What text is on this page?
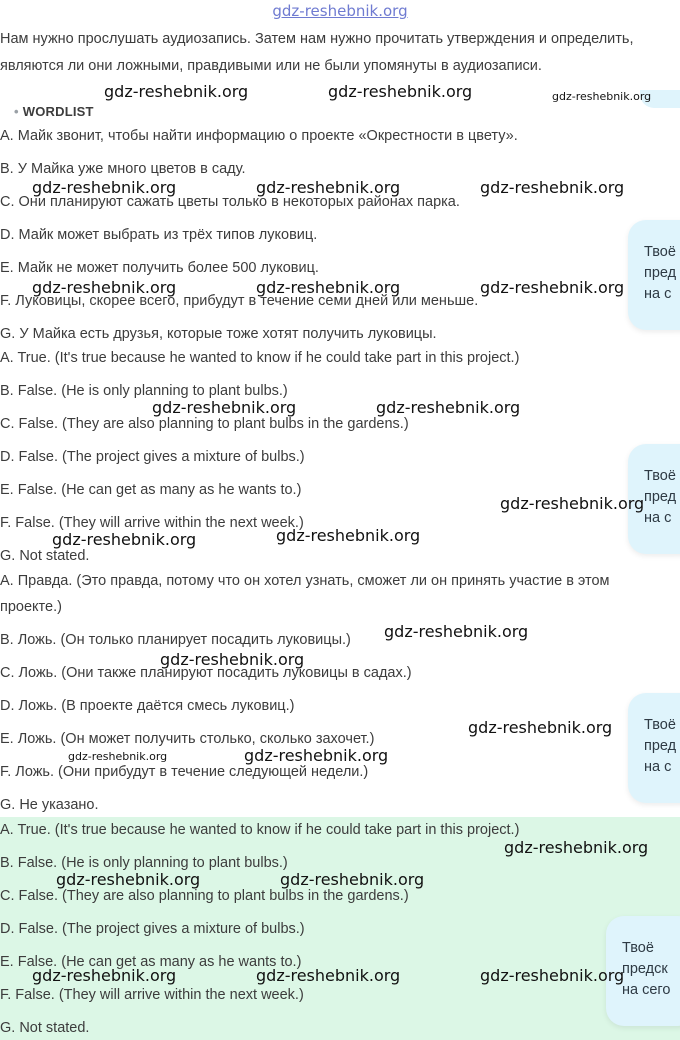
gdz-reshebnik.org
Нам нужно прослушать аудиозапись. Затем нам нужно прочитать утверждения и определить, являются ли они ложными, правдивыми или не были упомянуты в аудиозаписи.
• WORDLIST
A. Майк звонит, чтобы найти информацию о проекте «Окрестности в цвету».
B. У Майка уже много цветов в саду.
C. Они планируют сажать цветы только в некоторых районах парка.
D. Майк может выбрать из трёх типов луковиц.
E. Майк не может получить более 500 луковиц.
F. Луковицы, скорее всего, прибудут в течение семи дней или меньше.
G. У Майка есть друзья, которые тоже хотят получить луковицы.
A. True. (It's true because he wanted to know if he could take part in this project.)
B. False. (He is only planning to plant bulbs.)
C. False. (They are also planning to plant bulbs in the gardens.)
D. False. (The project gives a mixture of bulbs.)
E. False. (He can get as many as he wants to.)
F. False. (They will arrive within the next week.)
G. Not stated.
A. Правда. (Это правда, потому что он хотел узнать, сможет ли он принять участие в этом проекте.)
B. Ложь. (Он только планирует посадить луковицы.)
C. Ложь. (Они также планируют посадить луковицы в садах.)
D. Ложь. (В проекте даётся смесь луковиц.)
E. Ложь. (Он может получить столько, сколько захочет.)
F. Ложь. (Они прибудут в течение следующей недели.)
G. Не указано.
A. True. (It's true because he wanted to know if he could take part in this project.)
B. False. (He is only planning to plant bulbs.)
C. False. (They are also planning to plant bulbs in the gardens.)
D. False. (The project gives a mixture of bulbs.)
E. False. (He can get as many as he wants to.)
F. False. (They will arrive within the next week.)
G. Not stated.
Твоё
пред
на с
Твоё
пред
на с
Твоё
пред
на с
Твоё
предск
на сего
gdz-reshebnik.org	gdz-reshebnik.org	gdz-reshebnik.org
gdz-reshebnik.org	gdz-reshebnik.org	gdz-reshebnik.org
gdz-reshebnik.org	gdz-reshebnik.org	gdz-reshebnik.org
gdz-reshebnik.org	gdz-reshebnik.org
gdz-reshebnik.org
gdz-reshebnik.org	gdz-reshebnik.org
gdz-reshebnik.org
gdz-reshebnik.org
gdz-reshebnik.org
gdz-reshebnik.org	gdz-reshebnik.org
gdz-reshebnik.org
gdz-reshebnik.org	gdz-reshebnik.org
gdz-reshebnik.org	gdz-reshebnik.org	gdz-reshebnik.org
